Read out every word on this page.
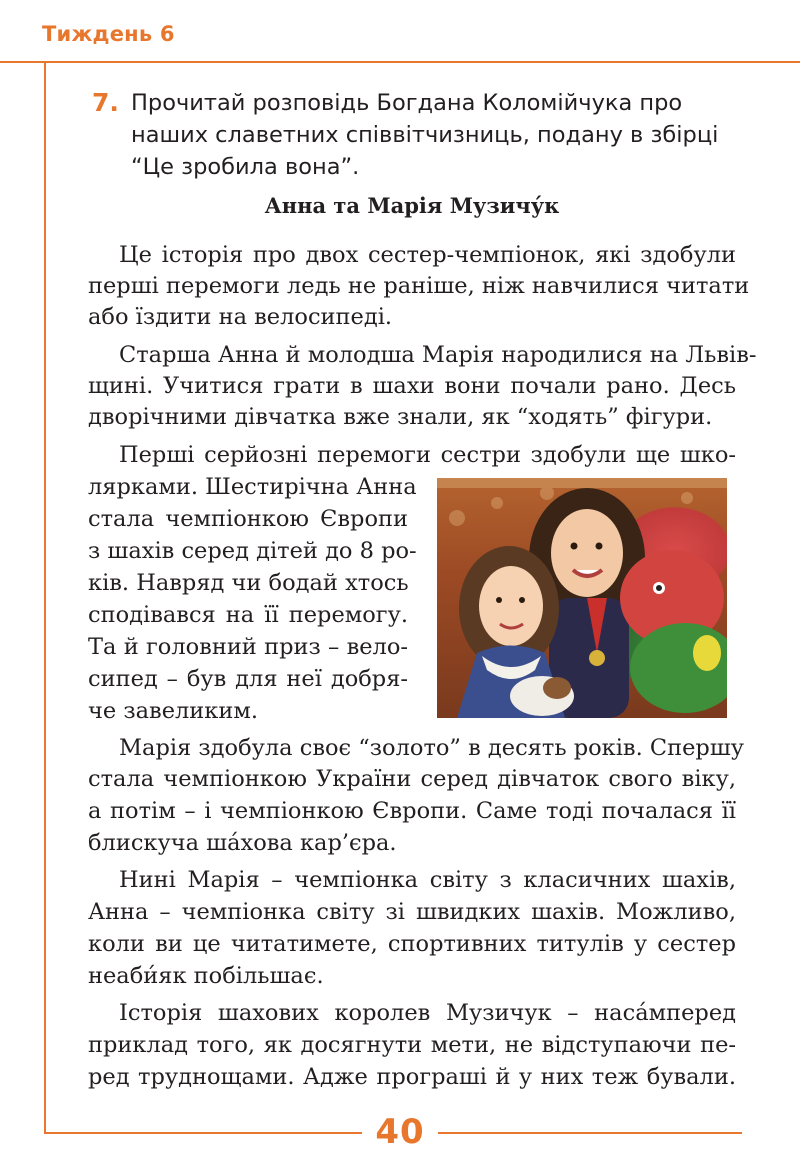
Тиждень 6
40
7. Прочитай розповідь Богдана Коломійчука про наших славетних співвітчизниць, подану в збірці “Це зробила вона”.
Анна та Марія Музичу́к
Це історія про двох сестер-чемпіонок, які здобули
перші перемоги ледь не раніше, ніж навчилися читати
або їздити на велосипеді.
Старша Анна й молодша Марія народилися на Львів-
щині. Учитися грати в шахи вони почали рано. Десь
дворічними дівчатка вже знали, як “ходять” фігури.
Перші серйозні перемоги сестри здобули ще шко-
лярками. Шестирічна Анна
стала чемпіонкою Європи
з шахів серед дітей до 8 ро-
ків. Навряд чи бодай хтось
сподівався на її перемогу.
Та й головний приз – вело-
сипед – був для неї добря-
че завеликим.
Марія здобула своє “золото” в десять років. Спершу
стала чемпіонкою України серед дівчаток свого віку,
а потім – і чемпіонкою Європи. Саме тоді почалася її
блискуча ша́хова кар’єра.
Нині Марія – чемпіонка світу з класичних шахів,
Анна – чемпіонка світу зі швидких шахів. Можливо,
коли ви це читатимете, спортивних титулів у сестер
неаби́як побільшає.
Історія шахових королев Музичук – наса́мперед
приклад того, як досягнути мети, не відступаючи пе-
ред труднощами. Адже програші й у них теж бували.
